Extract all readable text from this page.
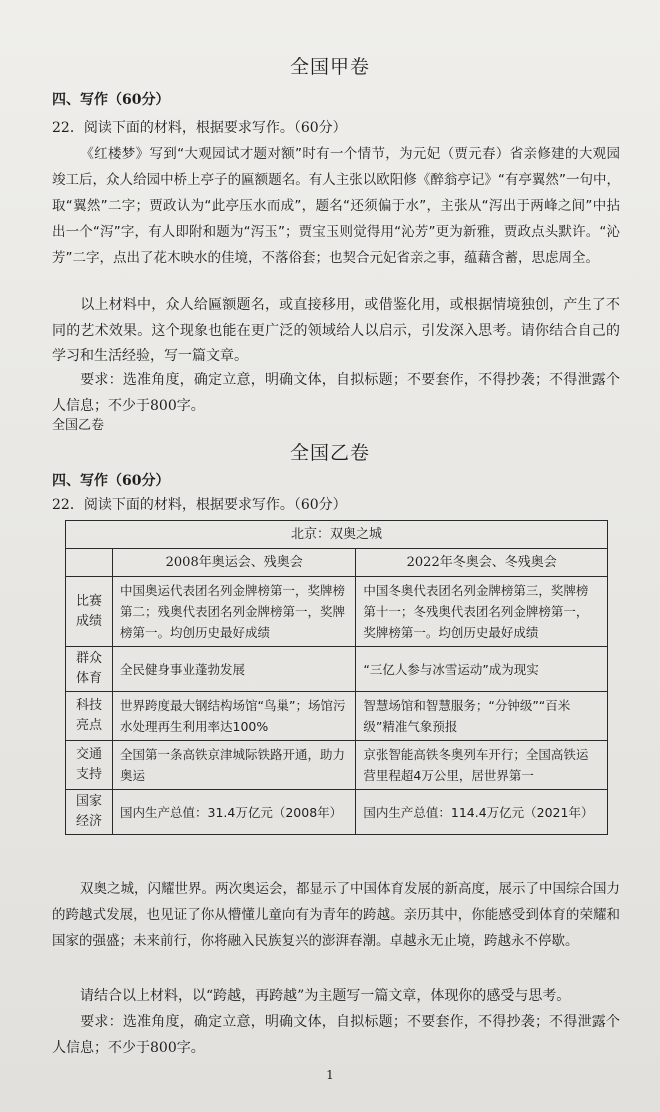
全国甲卷
四、写作（60分）
22．阅读下面的材料，根据要求写作。（60分）

《红楼梦》写到“大观园试才题对额”时有一个情节，为元妃（贾元春）省亲修建的大观园竣工后，众人给园中桥上亭子的匾额题名。有人主张以欧阳修《醉翁亭记》“有亭翼然”一句中，取“翼然”二字；贾政认为“此亭压水而成”，题名“还须偏于水”，主张从“泻出于两峰之间”中拈出一个“泻”字，有人即附和题为“泻玉”；贾宝玉则觉得用“沁芳”更为新雅，贾政点头默许。“沁芳”二字，点出了花木映水的佳境，不落俗套；也契合元妃省亲之事，蕴藉含蓄，思虑周全。

以上材料中，众人给匾额题名，或直接移用，或借鉴化用，或根据情境独创，产生了不同的艺术效果。这个现象也能在更广泛的领域给人以启示，引发深入思考。请你结合自己的学习和生活经验，写一篇文章。

要求：选准角度，确定立意，明确文体，自拟标题；不要套作，不得抄袭；不得泄露个人信息；不少于800字。

全国乙卷
全国乙卷
四、写作（60分）
22．阅读下面的材料，根据要求写作。（60分）
北京：双奥之城		
	2008年奥运会、残奥会	2022年冬奥会、冬残奥会
比赛成绩	中国奥运代表团名列金牌榜第一，奖牌榜第二；残奥代表团名列金牌榜第一，奖牌榜第一。均创历史最好成绩	中国冬奥代表团名列金牌榜第三，奖牌榜第十一；冬残奥代表团名列金牌榜第一，奖牌榜第一。均创历史最好成绩
群众体育	全民健身事业蓬勃发展	“三亿人参与冰雪运动”成为现实
科技亮点	世界跨度最大钢结构场馆“鸟巢”；场馆污水处理再生利用率达100%	智慧场馆和智慧服务；“分钟级”“百米级”精准气象预报
交通支持	全国第一条高铁京津城际铁路开通，助力奥运	京张智能高铁冬奥列车开行；全国高铁运营里程超4万公里，居世界第一
国家经济	国内生产总值：31.4万亿元（2008年）	国内生产总值：114.4万亿元（2021年）

双奥之城，闪耀世界。两次奥运会，都显示了中国体育发展的新高度，展示了中国综合国力的跨越式发展，也见证了你从懵懂儿童向有为青年的跨越。亲历其中，你能感受到体育的荣耀和国家的强盛；未来前行，你将融入民族复兴的澎湃春潮。卓越永无止境，跨越永不停歇。

请结合以上材料，以“跨越，再跨越”为主题写一篇文章，体现你的感受与思考。

要求：选准角度，确定立意，明确文体，自拟标题；不要套作，不得抄袭；不得泄露个人信息；不少于800字。

1
